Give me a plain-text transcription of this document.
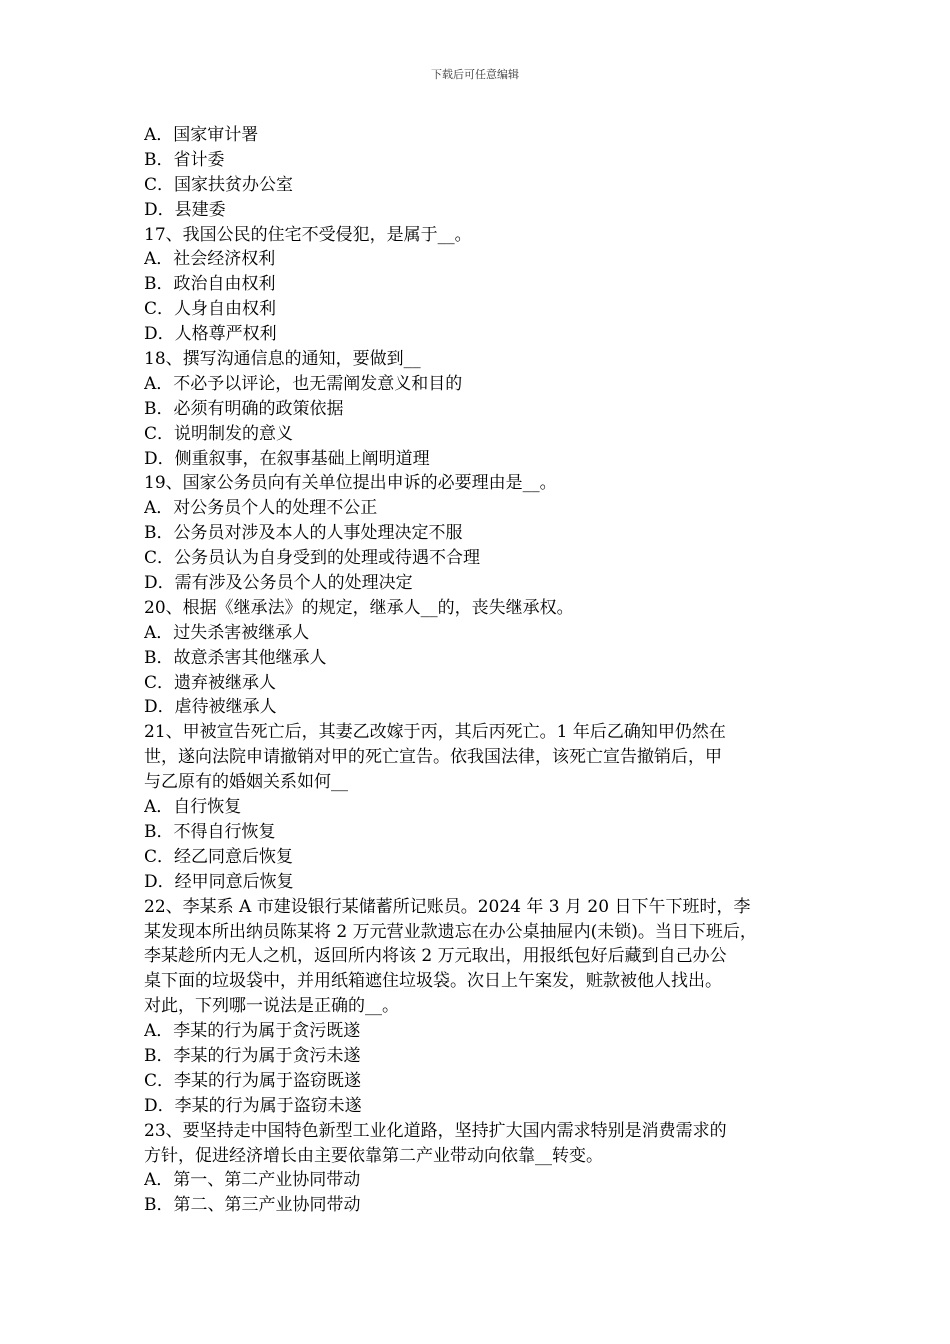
下载后可任意编辑
A．国家审计署
B．省计委
C．国家扶贫办公室
D．县建委
17、我国公民的住宅不受侵犯，是属于__。
A．社会经济权利
B．政治自由权利
C．人身自由权利
D．人格尊严权利
18、撰写沟通信息的通知，要做到__
A．不必予以评论，也无需阐发意义和目的
B．必须有明确的政策依据
C．说明制发的意义
D．侧重叙事，在叙事基础上阐明道理
19、国家公务员向有关单位提出申诉的必要理由是__。
A．对公务员个人的处理不公正
B．公务员对涉及本人的人事处理决定不服
C．公务员认为自身受到的处理或待遇不合理
D．需有涉及公务员个人的处理决定
20、根据《继承法》的规定，继承人__的，丧失继承权。
A．过失杀害被继承人
B．故意杀害其他继承人
C．遗弃被继承人
D．虐待被继承人
21、甲被宣告死亡后，其妻乙改嫁于丙，其后丙死亡。1 年后乙确知甲仍然在
世，遂向法院申请撤销对甲的死亡宣告。依我国法律，该死亡宣告撤销后，甲
与乙原有的婚姻关系如何__
A．自行恢复
B．不得自行恢复
C．经乙同意后恢复
D．经甲同意后恢复
22、李某系 A 市建设银行某储蓄所记账员。2024 年 3 月 20 日下午下班时，李
某发现本所出纳员陈某将 2 万元营业款遗忘在办公桌抽屉内(未锁)。当日下班后，
李某趁所内无人之机，返回所内将该 2 万元取出，用报纸包好后藏到自己办公
桌下面的垃圾袋中，并用纸箱遮住垃圾袋。次日上午案发，赃款被他人找出。
对此，下列哪一说法是正确的__。
A．李某的行为属于贪污既遂
B．李某的行为属于贪污未遂
C．李某的行为属于盗窃既遂
D．李某的行为属于盗窃未遂
23、要坚持走中国特色新型工业化道路，坚持扩大国内需求特别是消费需求的
方针，促进经济增长由主要依靠第二产业带动向依靠__转变。
A．第一、第二产业协同带动
B．第二、第三产业协同带动
